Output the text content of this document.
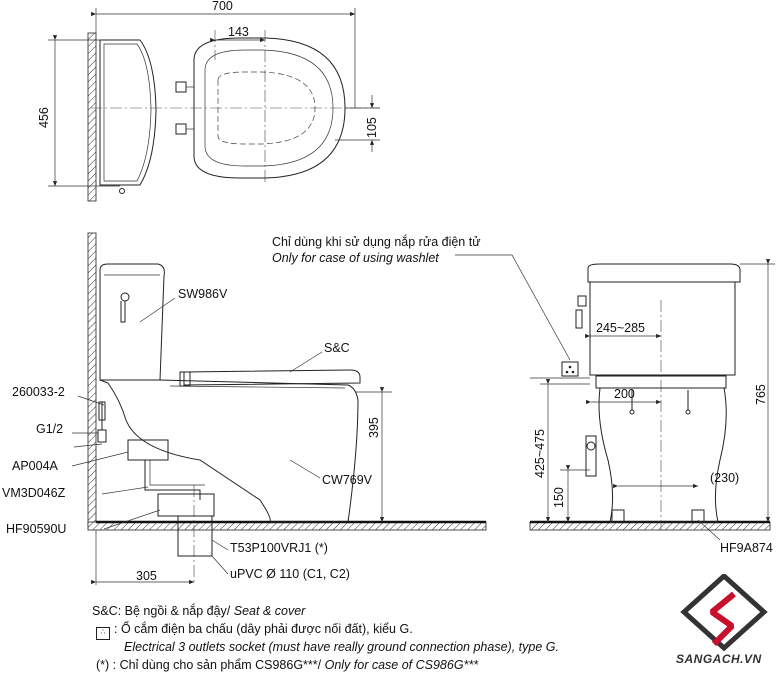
700
143
456	105
395
305
SW986V
S&C
CW769V
260033-2
G1/2
AP004A
VM3D046Z
HF90590U
T53P100VRJ1 (*)
uPVC Ø 110 (C1, C2)
Chỉ dùng khi sử dụng nắp rửa điện tử
Only for case of using washlet
245~285
200
425~475
150
(230)
765
HF9A874
S&C: Bệ ngồi & nắp đậy/ Seat & cover
∴ : Ổ cắm điện ba chấu (dây phải được nối đất), kiểu G.
Electrical 3 outlets socket (must have really ground connection phase), type G.
(*) : Chỉ dùng cho sản phẩm CS986G***/ Only for case of CS986G***	SANGACH.VN
